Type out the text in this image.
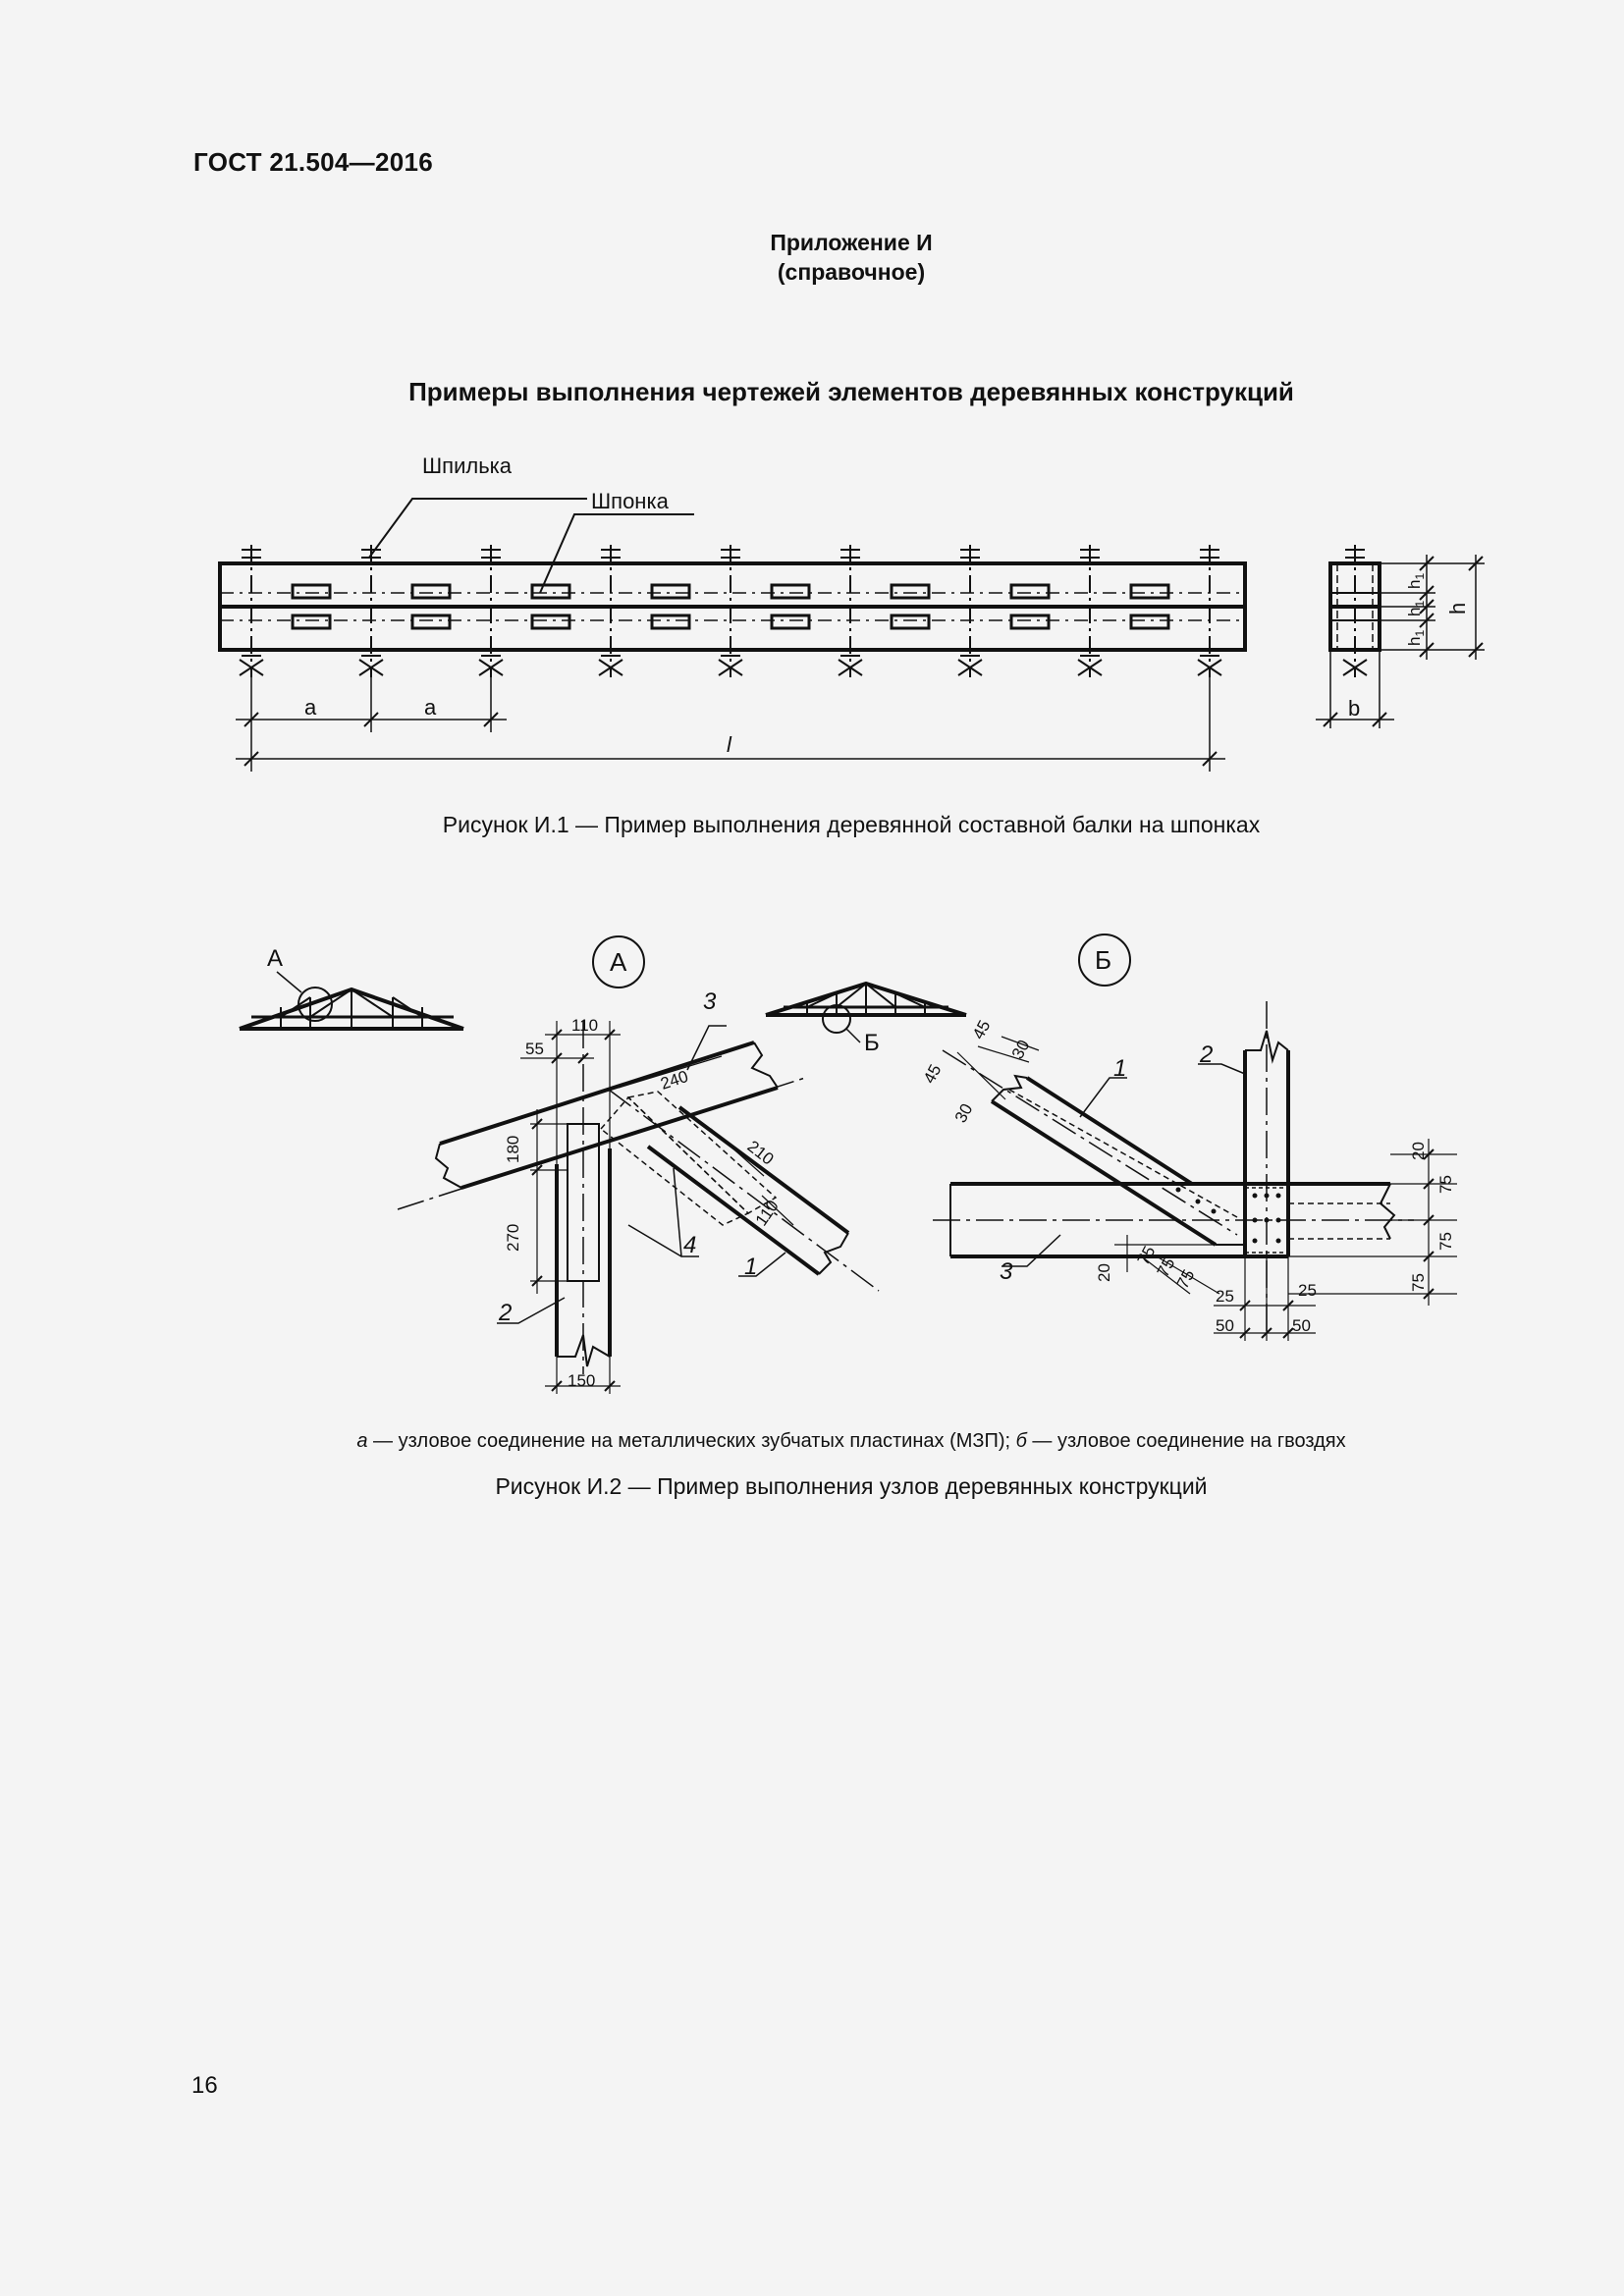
ГОСТ 21.504—2016
Приложение И
(справочное)
Примеры выполнения чертежей элементов деревянных конструкций
Шпилька
Шпонка
a	a
l
b
h
$h_1$
$h_1$
$h_1$
А
Б
А	Б
110
55
240
210
110
180
270
150
1
2
3
4
45
30
45
30
20
75
75
75
20
75
75
75
25	25
50	50
1
2
3
Рисунок И.1 — Пример выполнения деревянной составной балки на шпонках
а — узловое соединение на металлических зубчатых пластинах (МЗП); б — узловое соединение на гвоздях
Рисунок И.2 — Пример выполнения узлов деревянных конструкций
16
